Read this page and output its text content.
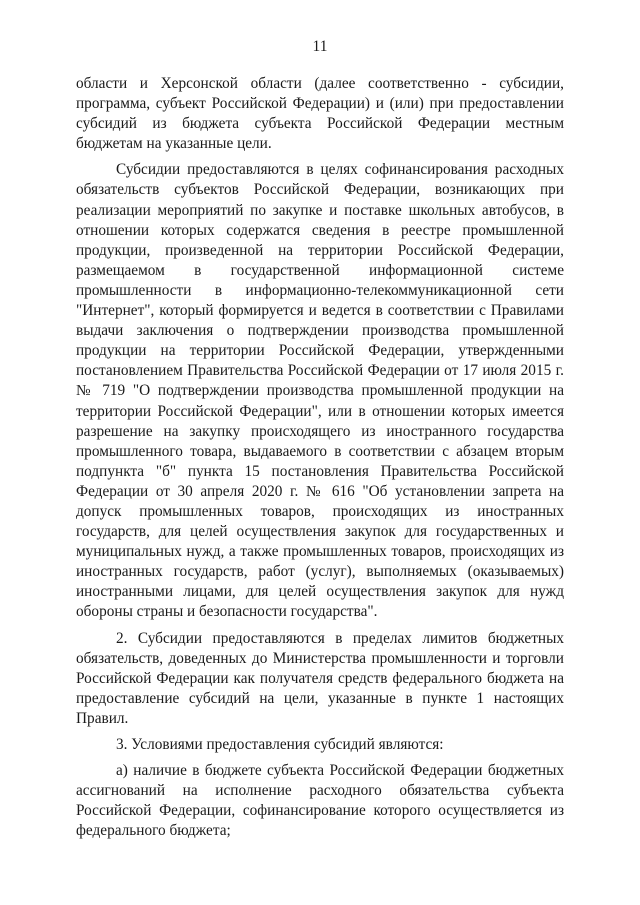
11

области и Херсонской области (далее соответственно - субсидии, программа, субъект Российской Федерации) и (или) при предоставлении субсидий из бюджета субъекта Российской Федерации местным бюджетам на указанные цели.

Субсидии предоставляются в целях софинансирования расходных обязательств субъектов Российской Федерации, возникающих при реализации мероприятий по закупке и поставке школьных автобусов, в отношении которых содержатся сведения в реестре промышленной продукции, произведенной на территории Российской Федерации, размещаемом в государственной информационной системе промышленности в информационно-телекоммуникационной сети "Интернет", который формируется и ведется в соответствии с Правилами выдачи заключения о подтверждении производства промышленной продукции на территории Российской Федерации, утвержденными постановлением Правительства Российской Федерации от 17 июля 2015 г. № 719 "О подтверждении производства промышленной продукции на территории Российской Федерации", или в отношении которых имеется разрешение на закупку происходящего из иностранного государства промышленного товара, выдаваемого в соответствии с абзацем вторым подпункта "б" пункта 15 постановления Правительства Российской Федерации от 30 апреля 2020 г. № 616 "Об установлении запрета на допуск промышленных товаров, происходящих из иностранных государств, для целей осуществления закупок для государственных и муниципальных нужд, а также промышленных товаров, происходящих из иностранных государств, работ (услуг), выполняемых (оказываемых) иностранными лицами, для целей осуществления закупок для нужд обороны страны и безопасности государства".

2. Субсидии предоставляются в пределах лимитов бюджетных обязательств, доведенных до Министерства промышленности и торговли Российской Федерации как получателя средств федерального бюджета на предоставление субсидий на цели, указанные в пункте 1 настоящих Правил.

3. Условиями предоставления субсидий являются:

а) наличие в бюджете субъекта Российской Федерации бюджетных ассигнований на исполнение расходного обязательства субъекта Российской Федерации, софинансирование которого осуществляется из федерального бюджета;
